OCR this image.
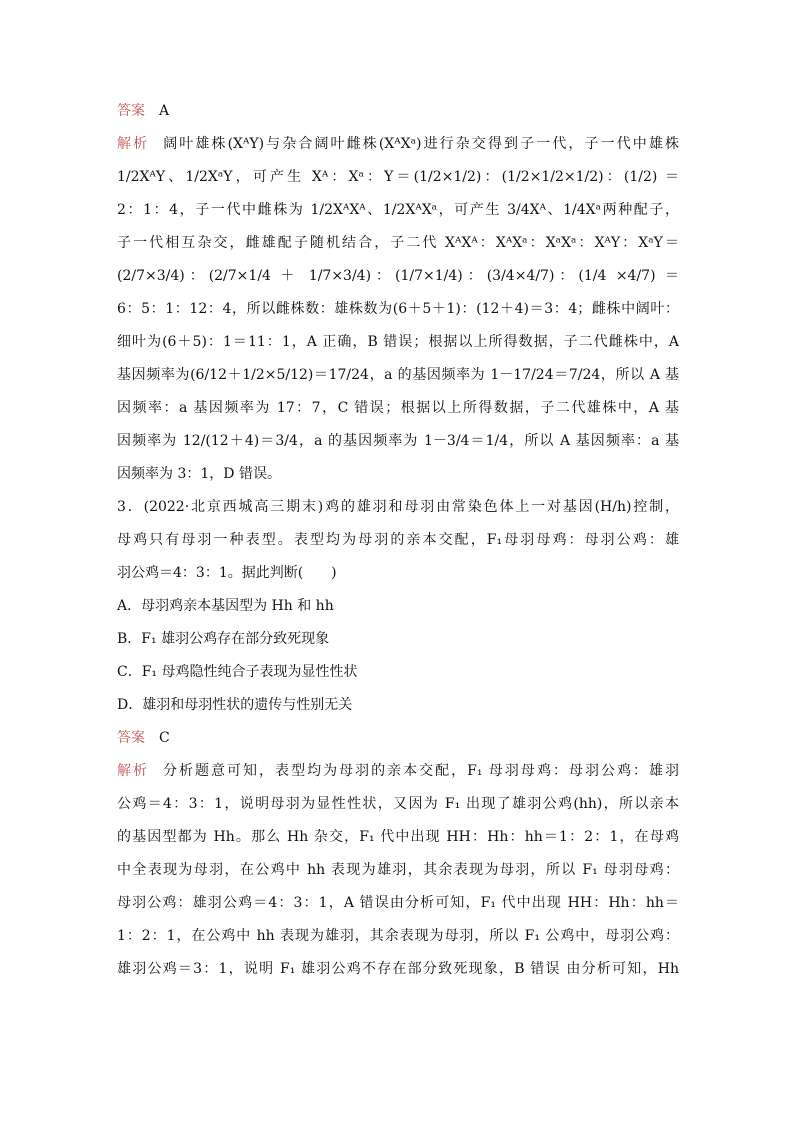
答案 A
解析 阔叶雄株(XᴬY)与杂合阔叶雌株(XᴬXᵃ)进行杂交得到子一代，子一代中雄株
1/2XᴬY、1/2XᵃY，可产生 Xᴬ：Xᵃ：Y＝(1/2×1/2)：(1/2×1/2×1/2)：(1/2) ＝
2：1：4，子一代中雌株为 1/2XᴬXᴬ、1/2XᴬXᵃ，可产生 3/4Xᴬ、1/4Xᵃ两种配子，
子一代相互杂交，雌雄配子随机结合，子二代 XᴬXᴬ：XᴬXᵃ：XᵃXᵃ：XᴬY：XᵃY＝
(2/7×3/4)：(2/7×1/4 ＋ 1/7×3/4)：(1/7×1/4)：(3/4×4/7)：(1/4 ×4/7) ＝
6：5：1：12：4，所以雌株数：雄株数为(6＋5＋1)：(12＋4)＝3：4；雌株中阔叶：
细叶为(6＋5)：1＝11：1，A 正确，B 错误；根据以上所得数据，子二代雌株中，A
基因频率为(6/12＋1/2×5/12)＝17/24，a 的基因频率为 1－17/24＝7/24，所以 A 基
因频率：a 基因频率为 17：7，C 错误；根据以上所得数据，子二代雄株中，A 基
因频率为 12/(12＋4)＝3/4，a 的基因频率为 1－3/4＝1/4，所以 A 基因频率：a 基
因频率为 3：1，D 错误。
3．(2022·北京西城高三期末)鸡的雄羽和母羽由常染色体上一对基因(H/h)控制，
母鸡只有母羽一种表型。表型均为母羽的亲本交配，F₁母羽母鸡：母羽公鸡：雄
羽公鸡＝4：3：1。据此判断(　　)
A．母羽鸡亲本基因型为 Hh 和 hh
B．F₁ 雄羽公鸡存在部分致死现象
C．F₁ 母鸡隐性纯合子表现为显性性状
D．雄羽和母羽性状的遗传与性别无关
答案 C
解析 分析题意可知，表型均为母羽的亲本交配，F₁ 母羽母鸡：母羽公鸡：雄羽
公鸡＝4：3：1，说明母羽为显性性状，又因为 F₁ 出现了雄羽公鸡(hh)，所以亲本
的基因型都为 Hh。那么 Hh 杂交，F₁ 代中出现 HH：Hh：hh＝1：2：1，在母鸡
中全表现为母羽，在公鸡中 hh 表现为雄羽，其余表现为母羽，所以 F₁ 母羽母鸡：
母羽公鸡：雄羽公鸡＝4：3：1，A 错误由分析可知，F₁ 代中出现 HH：Hh：hh＝
1：2：1，在公鸡中 hh 表现为雄羽，其余表现为母羽，所以 F₁ 公鸡中，母羽公鸡：
雄羽公鸡＝3：1，说明 F₁ 雄羽公鸡不存在部分致死现象，B 错误 由分析可知，Hh
